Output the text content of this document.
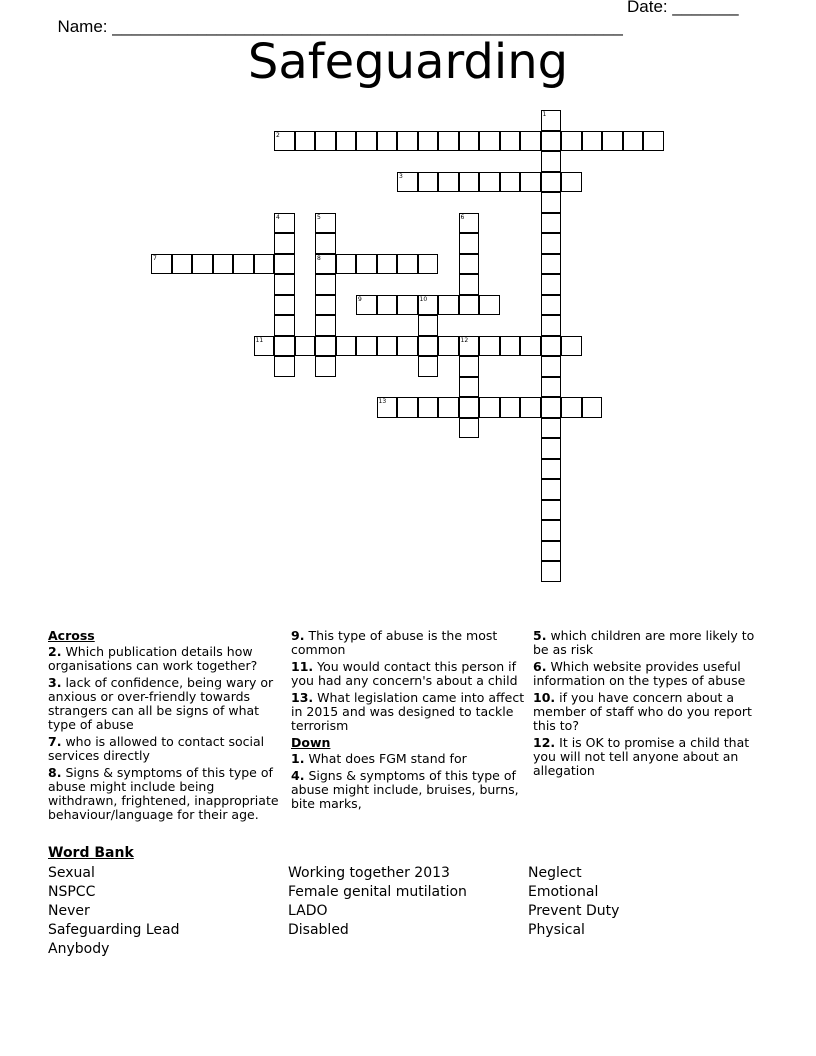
Name: ______________________________________________________

Date: _______

Safeguarding
1
2
3
4	5
8
6
7
9	10
11	12
13
Across
2. Which publication details how organisations can work together?
3. lack of confidence, being wary or anxious or over-friendly towards strangers can all be signs of what type of abuse
7. who is allowed to contact social services directly
8. Signs & symptoms of this type of abuse might include being withdrawn, frightened, inappropriate behaviour/language for their age.
9. This type of abuse is the most common
11. You would contact this person if you had any concern's about a child
13. What legislation came into affect in 2015 and was designed to tackle terrorism
Down
1. What does FGM stand for
4. Signs & symptoms of this type of abuse might include, bruises, burns, bite marks,
5. which children are more likely to be as risk
6. Which website provides useful information on the types of abuse
10. if you have concern about a member of staff who do you report this to?
12. It is OK to promise a child that you will not tell anyone about an allegation
Word Bank
Sexual
NSPCC
Never
Safeguarding Lead
Anybody
Working together 2013
Female genital mutilation
LADO
Disabled
Neglect
Emotional
Prevent Duty
Physical
